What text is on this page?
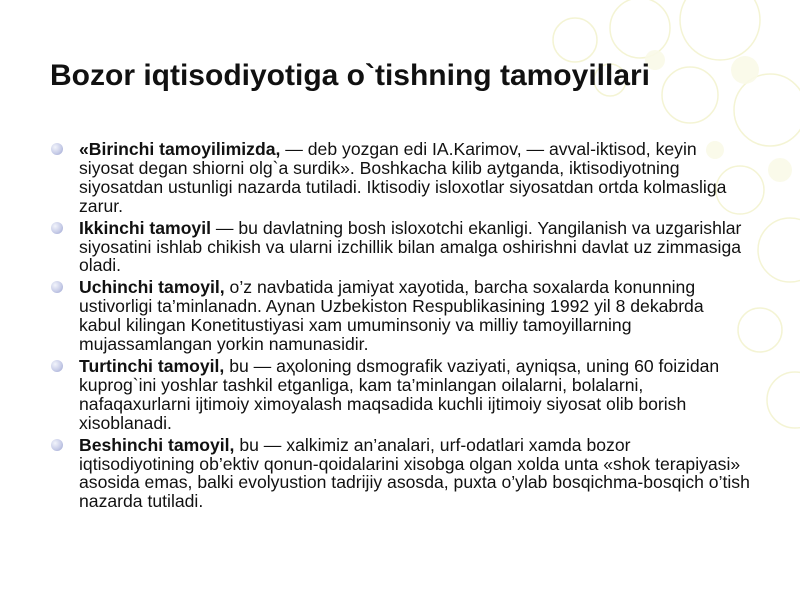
Bozor iqtisodiyotiga o`tishning tamoyillari
«Birinchi tamoyilimizda, — deb yozgan edi IA.Karimov, — avval-iktisod, keyin siyosat degan shiorni olg`a surdik». Boshkacha kilib aytganda, iktisodiyotning siyosatdan ustunligi nazarda tutiladi. Iktisodiy isloxotlar siyosatdan ortda kolmasliga zarur.
Ikkinchi tamoyil — bu davlatning bosh isloxotchi ekanligi. Yangilanish va uzgarishlar siyosatini ishlab chikish va ularni izchillik bilan amalga oshirishni davlat uz zimmasiga oladi.
Uchinchi tamoyil, o’z navbatida jamiyat xayotida, barcha soxalarda konunning ustivorligi ta’minlanadn. Aynan Uzbekiston Respublikasining 1992 yil 8 dekabrda kabul kilingan Konetitustiyasi xam umuminsoniy va milliy tamoyillarning mujassamlangan yorkin namunasidir.
Turtinchi tamoyil, bu — aҳoloning dsmografik vaziyati, ayniqsa, uning 60 foizidan kuprog`ini yoshlar tashkil etganliga, kam ta’minlangan oilalarni, bolalarni, nafaqaxurlarni ijtimoiy ximoyalash maqsadida kuchli ijtimoiy siyosat olib borish xisoblanadi.
Beshinchi tamoyil, bu — xalkimiz an’analari, urf-odatlari xamda bozor iqtisodiyotining ob’ektiv qonun-qoidalarini xisobga olgan xolda unta «shok terapiyasi» asosida emas, balki evolyustion tadrijiy asosda, puxta o’ylab bosqichma-bosqich o’tish nazarda tutiladi.
